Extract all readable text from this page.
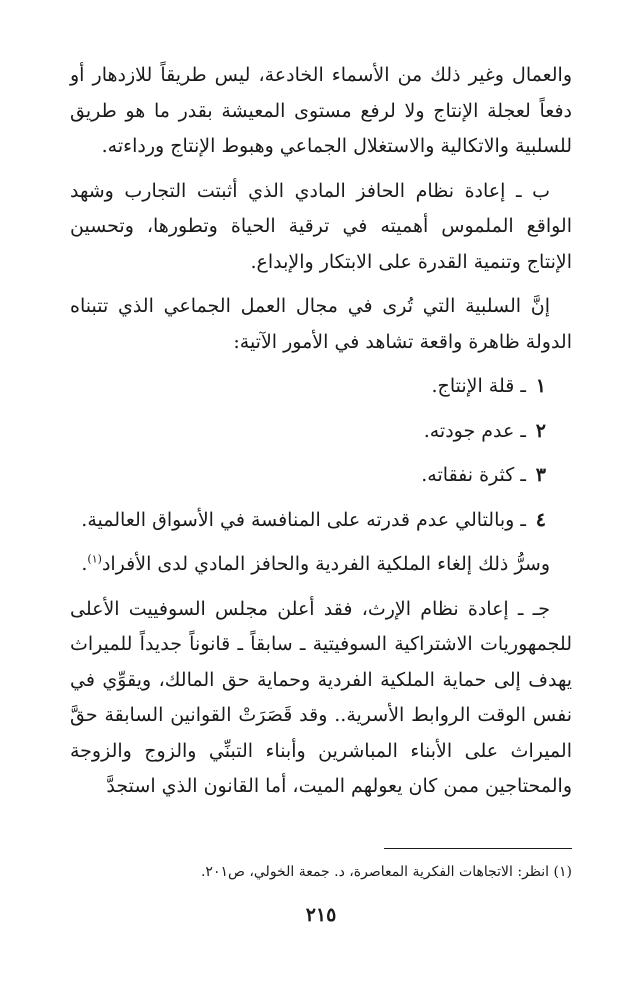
والعمال وغير ذلك من الأسماء الخادعة، ليس طريقاً للازدهار أو دفعاً لعجلة الإنتاج ولا لرفع مستوى المعيشة بقدر ما هو طريق للسلبية والاتكالية والاستغلال الجماعي وهبوط الإنتاج ورداءته.

ب ـ إعادة نظام الحافز المادي الذي أثبتت التجارب وشهد الواقع الملموس أهميته في ترقية الحياة وتطورها، وتحسين الإنتاج وتنمية القدرة على الابتكار والإبداع.

إنَّ السلبية التي تُرى في مجال العمل الجماعي الذي تتبناه الدولة ظاهرة واقعة تشاهد في الأمور الآتية:

١ ـ قلة الإنتاج.
٢ ـ عدم جودته.
٣ ـ كثرة نفقاته.
٤ ـ وبالتالي عدم قدرته على المنافسة في الأسواق العالمية.

وسرُّ ذلك إلغاء الملكية الفردية والحافز المادي لدى الأفراد$^{(١)}$.

جـ ـ إعادة نظام الإرث، فقد أعلن مجلس السوفييت الأعلى للجمهوريات الاشتراكية السوفيتية ـ سابقاً ـ قانوناً جديداً للميراث يهدف إلى حماية الملكية الفردية وحماية حق المالك، ويقوِّي في نفس الوقت الروابط الأسرية.. وقد قَصَرَتْ القوانين السابقة حقَّ الميراث على الأبناء المباشرين وأبناء التبنِّي والزوج والزوجة والمحتاجين ممن كان يعولهم الميت، أما القانون الذي استجدَّ

(١) انظر: الاتجاهات الفكرية المعاصرة، د. جمعة الخولي، ص٢٠١.
٢١٥
